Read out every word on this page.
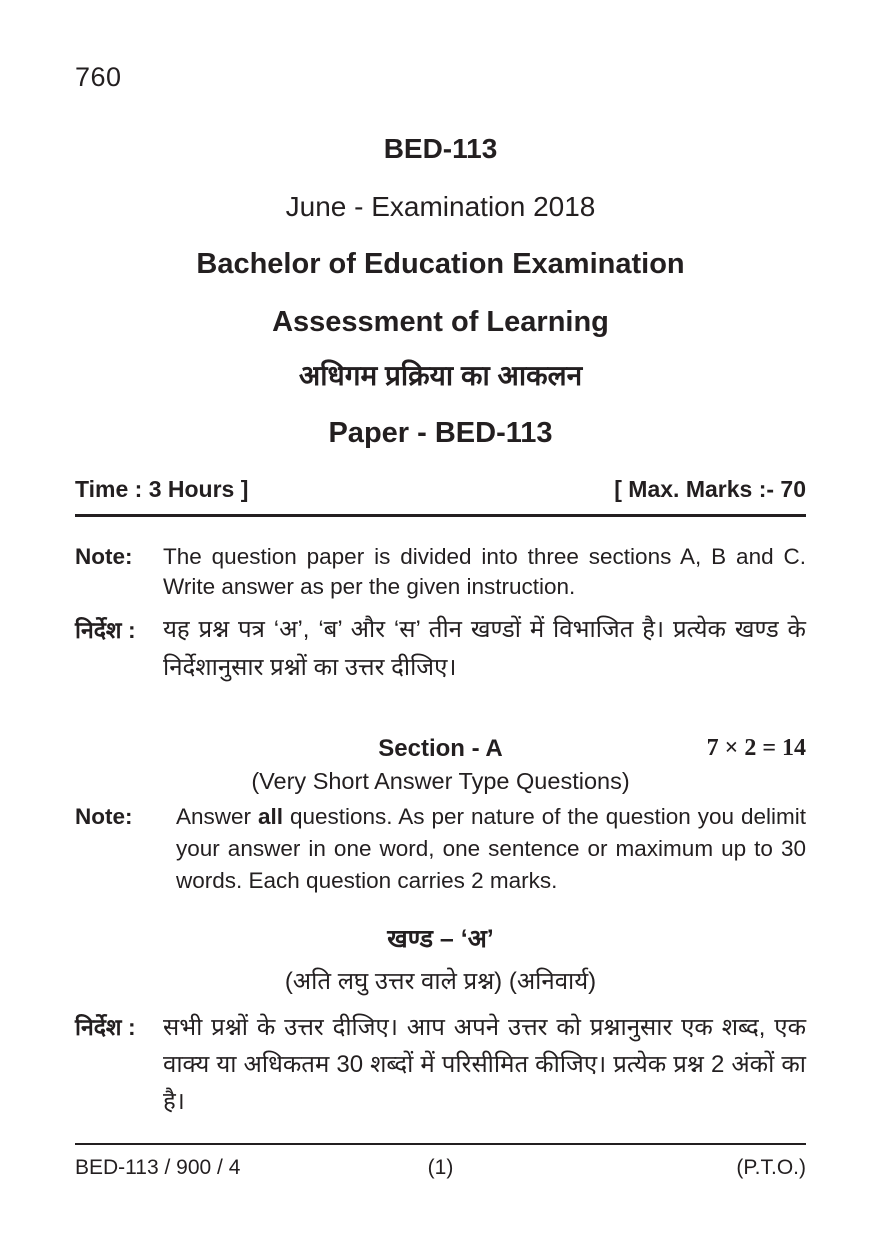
760
BED-113
June - Examination 2018
Bachelor of Education Examination
Assessment of Learning
अधिगम प्रक्रिया का आकलन
Paper - BED-113
Time : 3 Hours ]	[ Max. Marks :- 70
Note:	The question paper is divided into three sections A, B and C. Write answer as per the given instruction.
निर्देश :	यह प्रश्न पत्र ‘अ’, ‘ब’ और ‘स’ तीन खण्डों में विभाजित है। प्रत्येक खण्ड के निर्देशानुसार प्रश्नों का उत्तर दीजिए।
Section - A	7 × 2 = 14
(Very Short Answer Type Questions)
Note:	Answer all questions. As per nature of the question you delimit your answer in one word, one sentence or maximum up to 30 words. Each question carries 2 marks.
खण्ड – ‘अ’
(अति लघु उत्तर वाले प्रश्न) (अनिवार्य)
निर्देश :	सभी प्रश्नों के उत्तर दीजिए। आप अपने उत्तर को प्रश्नानुसार एक शब्द, एक वाक्य या अधिकतम 30 शब्दों में परिसीमित कीजिए। प्रत्येक प्रश्न 2 अंकों का है।
BED-113 / 900 / 4	(1)	(P.T.O.)
